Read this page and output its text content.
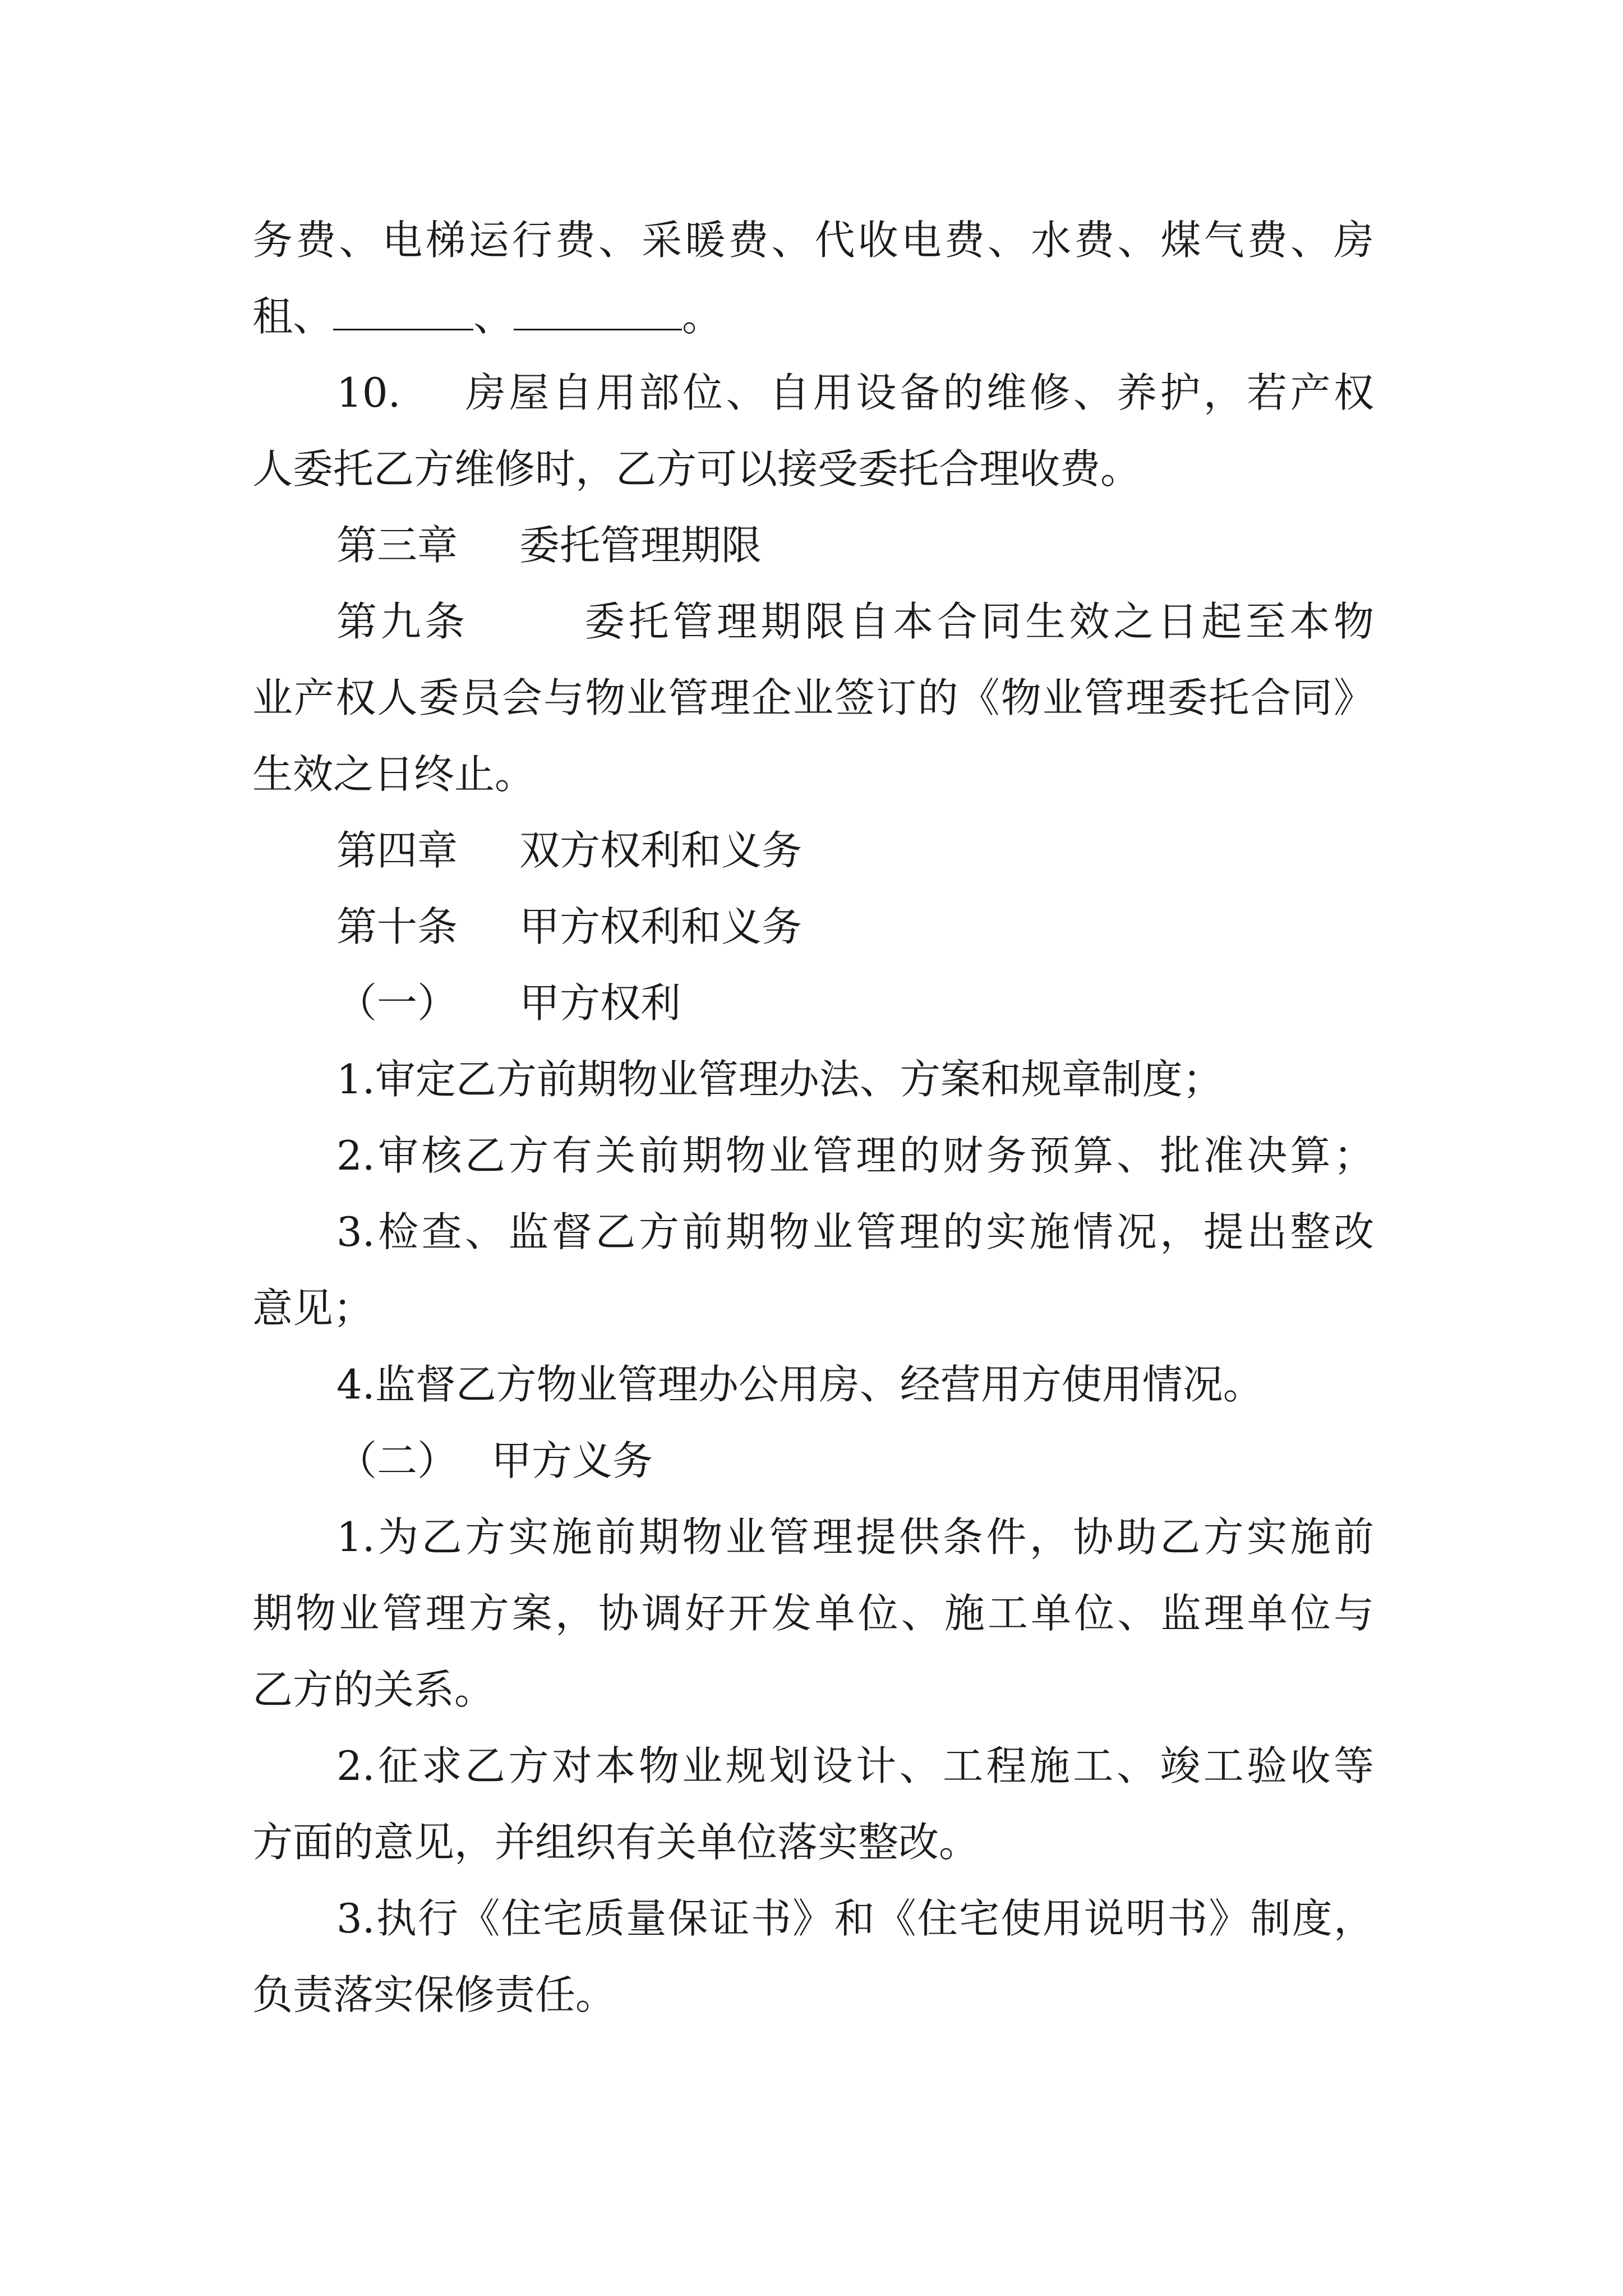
务费、电梯运行费、采暖费、代收电费、水费、煤气费、房

租、	、	。

10. 房屋自用部位、自用设备的维修、养护，若产权

人委托乙方维修时，乙方可以接受委托合理收费。

第三章 委托管理期限

第九条	委托管理期限自本合同生效之日起至本物

业产权人委员会与物业管理企业签订的《物业管理委托合同》

生效之日终止。

第四章 双方权利和义务

第十条 甲方权利和义务

（一） 甲方权利

1.审定乙方前期物业管理办法、方案和规章制度；

2.审核乙方有关前期物业管理的财务预算、批准决算；

3.检查、监督乙方前期物业管理的实施情况，提出整改

意见；

4.监督乙方物业管理办公用房、经营用方使用情况。

（二） 甲方义务

1.为乙方实施前期物业管理提供条件，协助乙方实施前

期物业管理方案，协调好开发单位、施工单位、监理单位与

乙方的关系。

2.征求乙方对本物业规划设计、工程施工、竣工验收等

方面的意见，并组织有关单位落实整改。

3.执行《住宅质量保证书》和《住宅使用说明书》制度，

负责落实保修责任。
